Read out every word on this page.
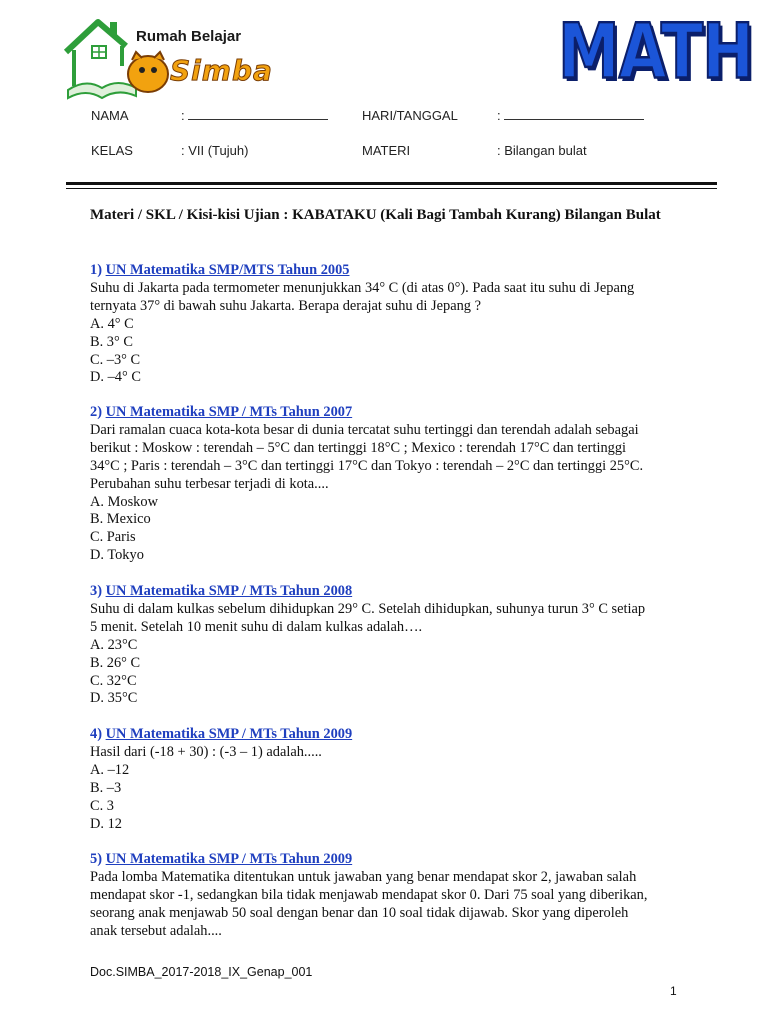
Rumah Belajar
Simba	MATH
NAMA	:	HARI/TANGGAL	:
KELAS	: VII (Tujuh)	MATERI	: Bilangan bulat
Materi / SKL / Kisi-kisi Ujian : KABATAKU (Kali Bagi Tambah Kurang) Bilangan Bulat

1) UN Matematika SMP/MTS Tahun 2005

Suhu di Jakarta pada termometer menunjukkan 34° C (di atas 0°). Pada saat itu suhu di Jepang

ternyata 37° di bawah suhu Jakarta. Berapa derajat suhu di Jepang ?

A. 4° C

B. 3° C

C. –3° C

D. –4° C

2) UN Matematika SMP / MTs Tahun 2007

Dari ramalan cuaca kota-kota besar di dunia tercatat suhu tertinggi dan terendah adalah sebagai

berikut : Moskow : terendah – 5°C dan tertinggi 18°C ; Mexico : terendah 17°C dan tertinggi

34°C ; Paris : terendah – 3°C dan tertinggi 17°C dan Tokyo : terendah – 2°C dan tertinggi 25°C.

Perubahan suhu terbesar terjadi di kota....

A. Moskow

B. Mexico

C. Paris

D. Tokyo

3) UN Matematika SMP / MTs Tahun 2008

Suhu di dalam kulkas sebelum dihidupkan 29° C. Setelah dihidupkan, suhunya turun 3° C setiap

5 menit. Setelah 10 menit suhu di dalam kulkas adalah….

A. 23°C

B. 26° C

C. 32°C

D. 35°C

4) UN Matematika SMP / MTs Tahun 2009

Hasil dari (-18 + 30) : (-3 – 1) adalah.....

A. –12

B. –3

C. 3

D. 12

5) UN Matematika SMP / MTs Tahun 2009

Pada lomba Matematika ditentukan untuk jawaban yang benar mendapat skor 2, jawaban salah

mendapat skor -1, sedangkan bila tidak menjawab mendapat skor 0. Dari 75 soal yang diberikan,

seorang anak menjawab 50 soal dengan benar dan 10 soal tidak dijawab. Skor yang diperoleh

anak tersebut adalah....

Doc.SIMBA_2017-2018_IX_Genap_001
1
